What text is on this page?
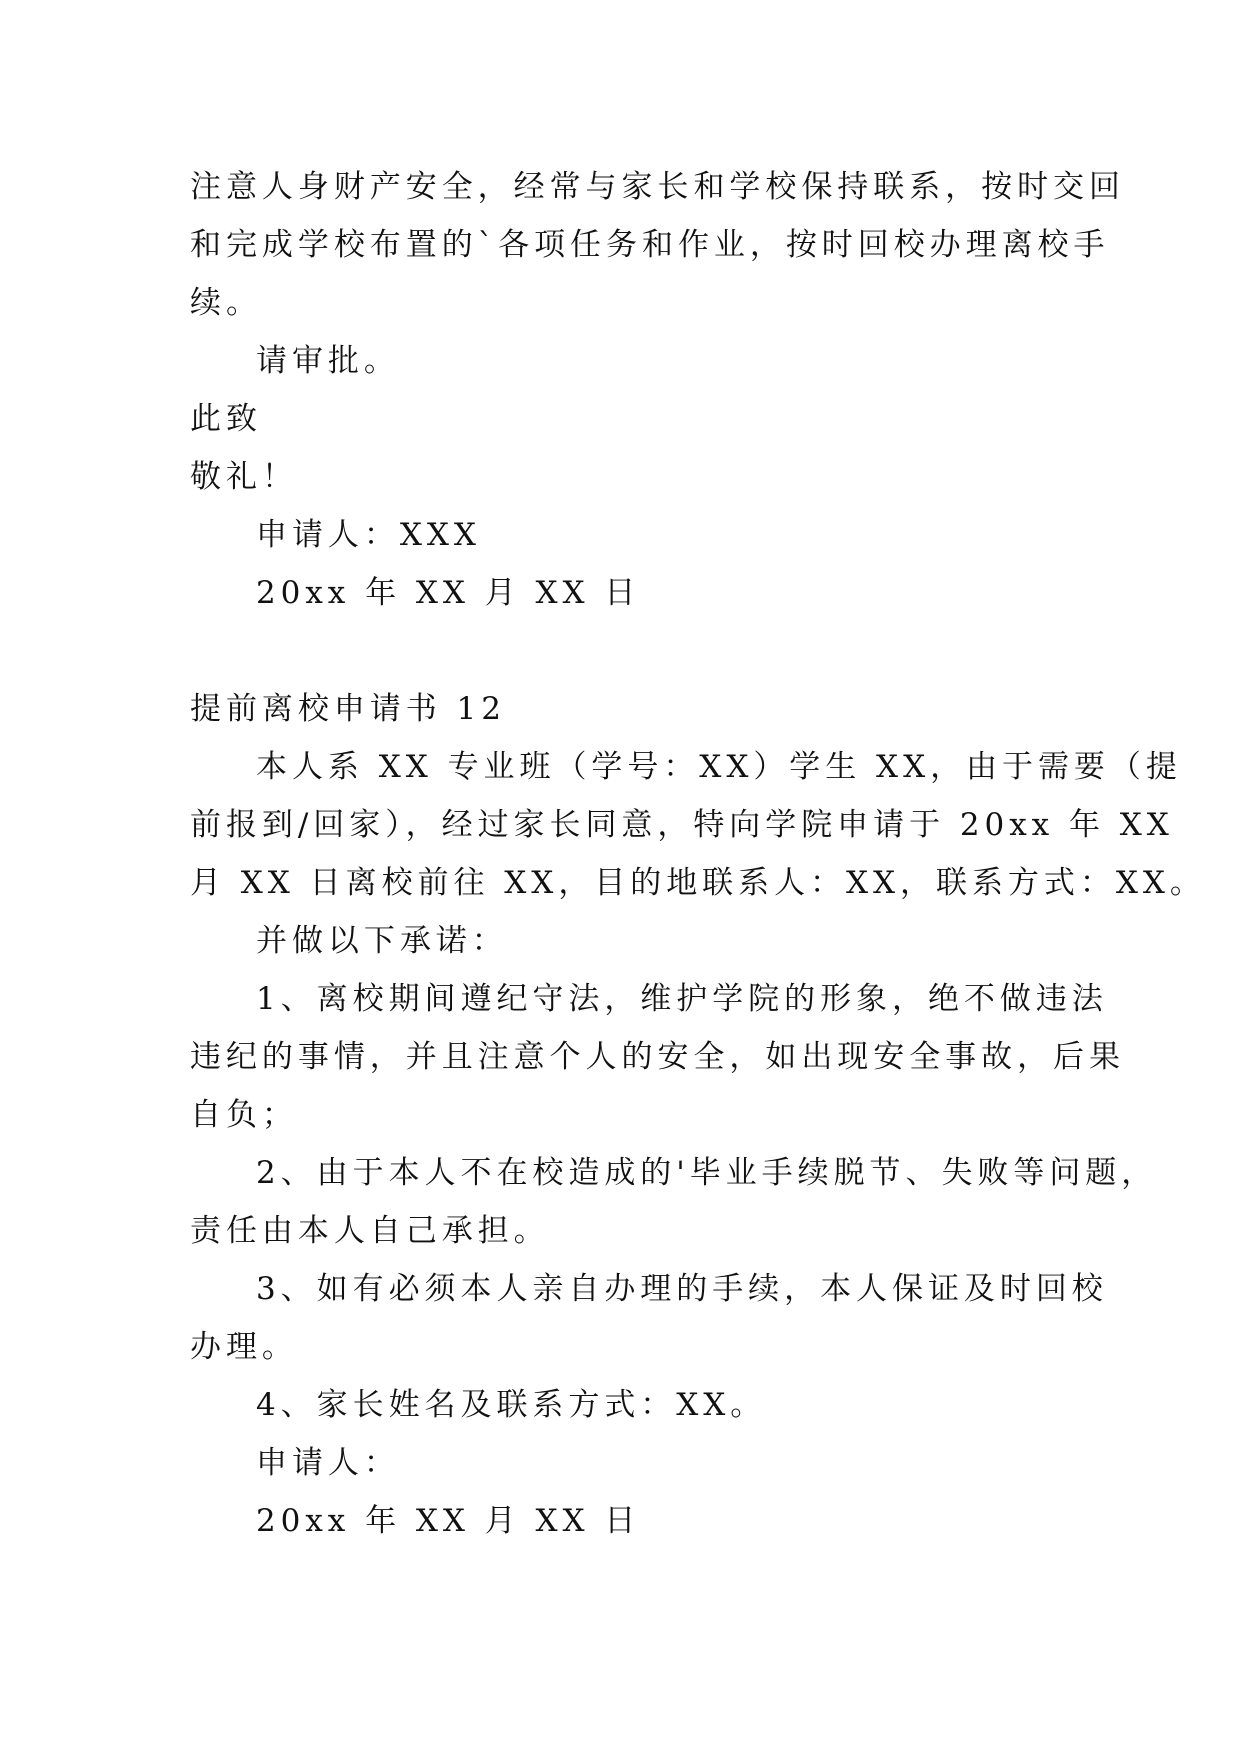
注意人身财产安全，经常与家长和学校保持联系，按时交回
和完成学校布置的`各项任务和作业，按时回校办理离校手
续。
请审批。
此致
敬礼！
申请人：XXX
20xx 年 XX 月 XX 日
提前离校申请书 12
本人系 XX 专业班（学号：XX）学生 XX，由于需要（提
前报到/回家），经过家长同意，特向学院申请于 20xx 年 XX
月 XX 日离校前往 XX，目的地联系人：XX，联系方式：XX。
并做以下承诺：
1、离校期间遵纪守法，维护学院的形象，绝不做违法
违纪的事情，并且注意个人的安全，如出现安全事故，后果
自负；
2、由于本人不在校造成的'毕业手续脱节、失败等问题，
责任由本人自己承担。
3、如有必须本人亲自办理的手续，本人保证及时回校
办理。
4、家长姓名及联系方式：XX。
申请人：
20xx 年 XX 月 XX 日
